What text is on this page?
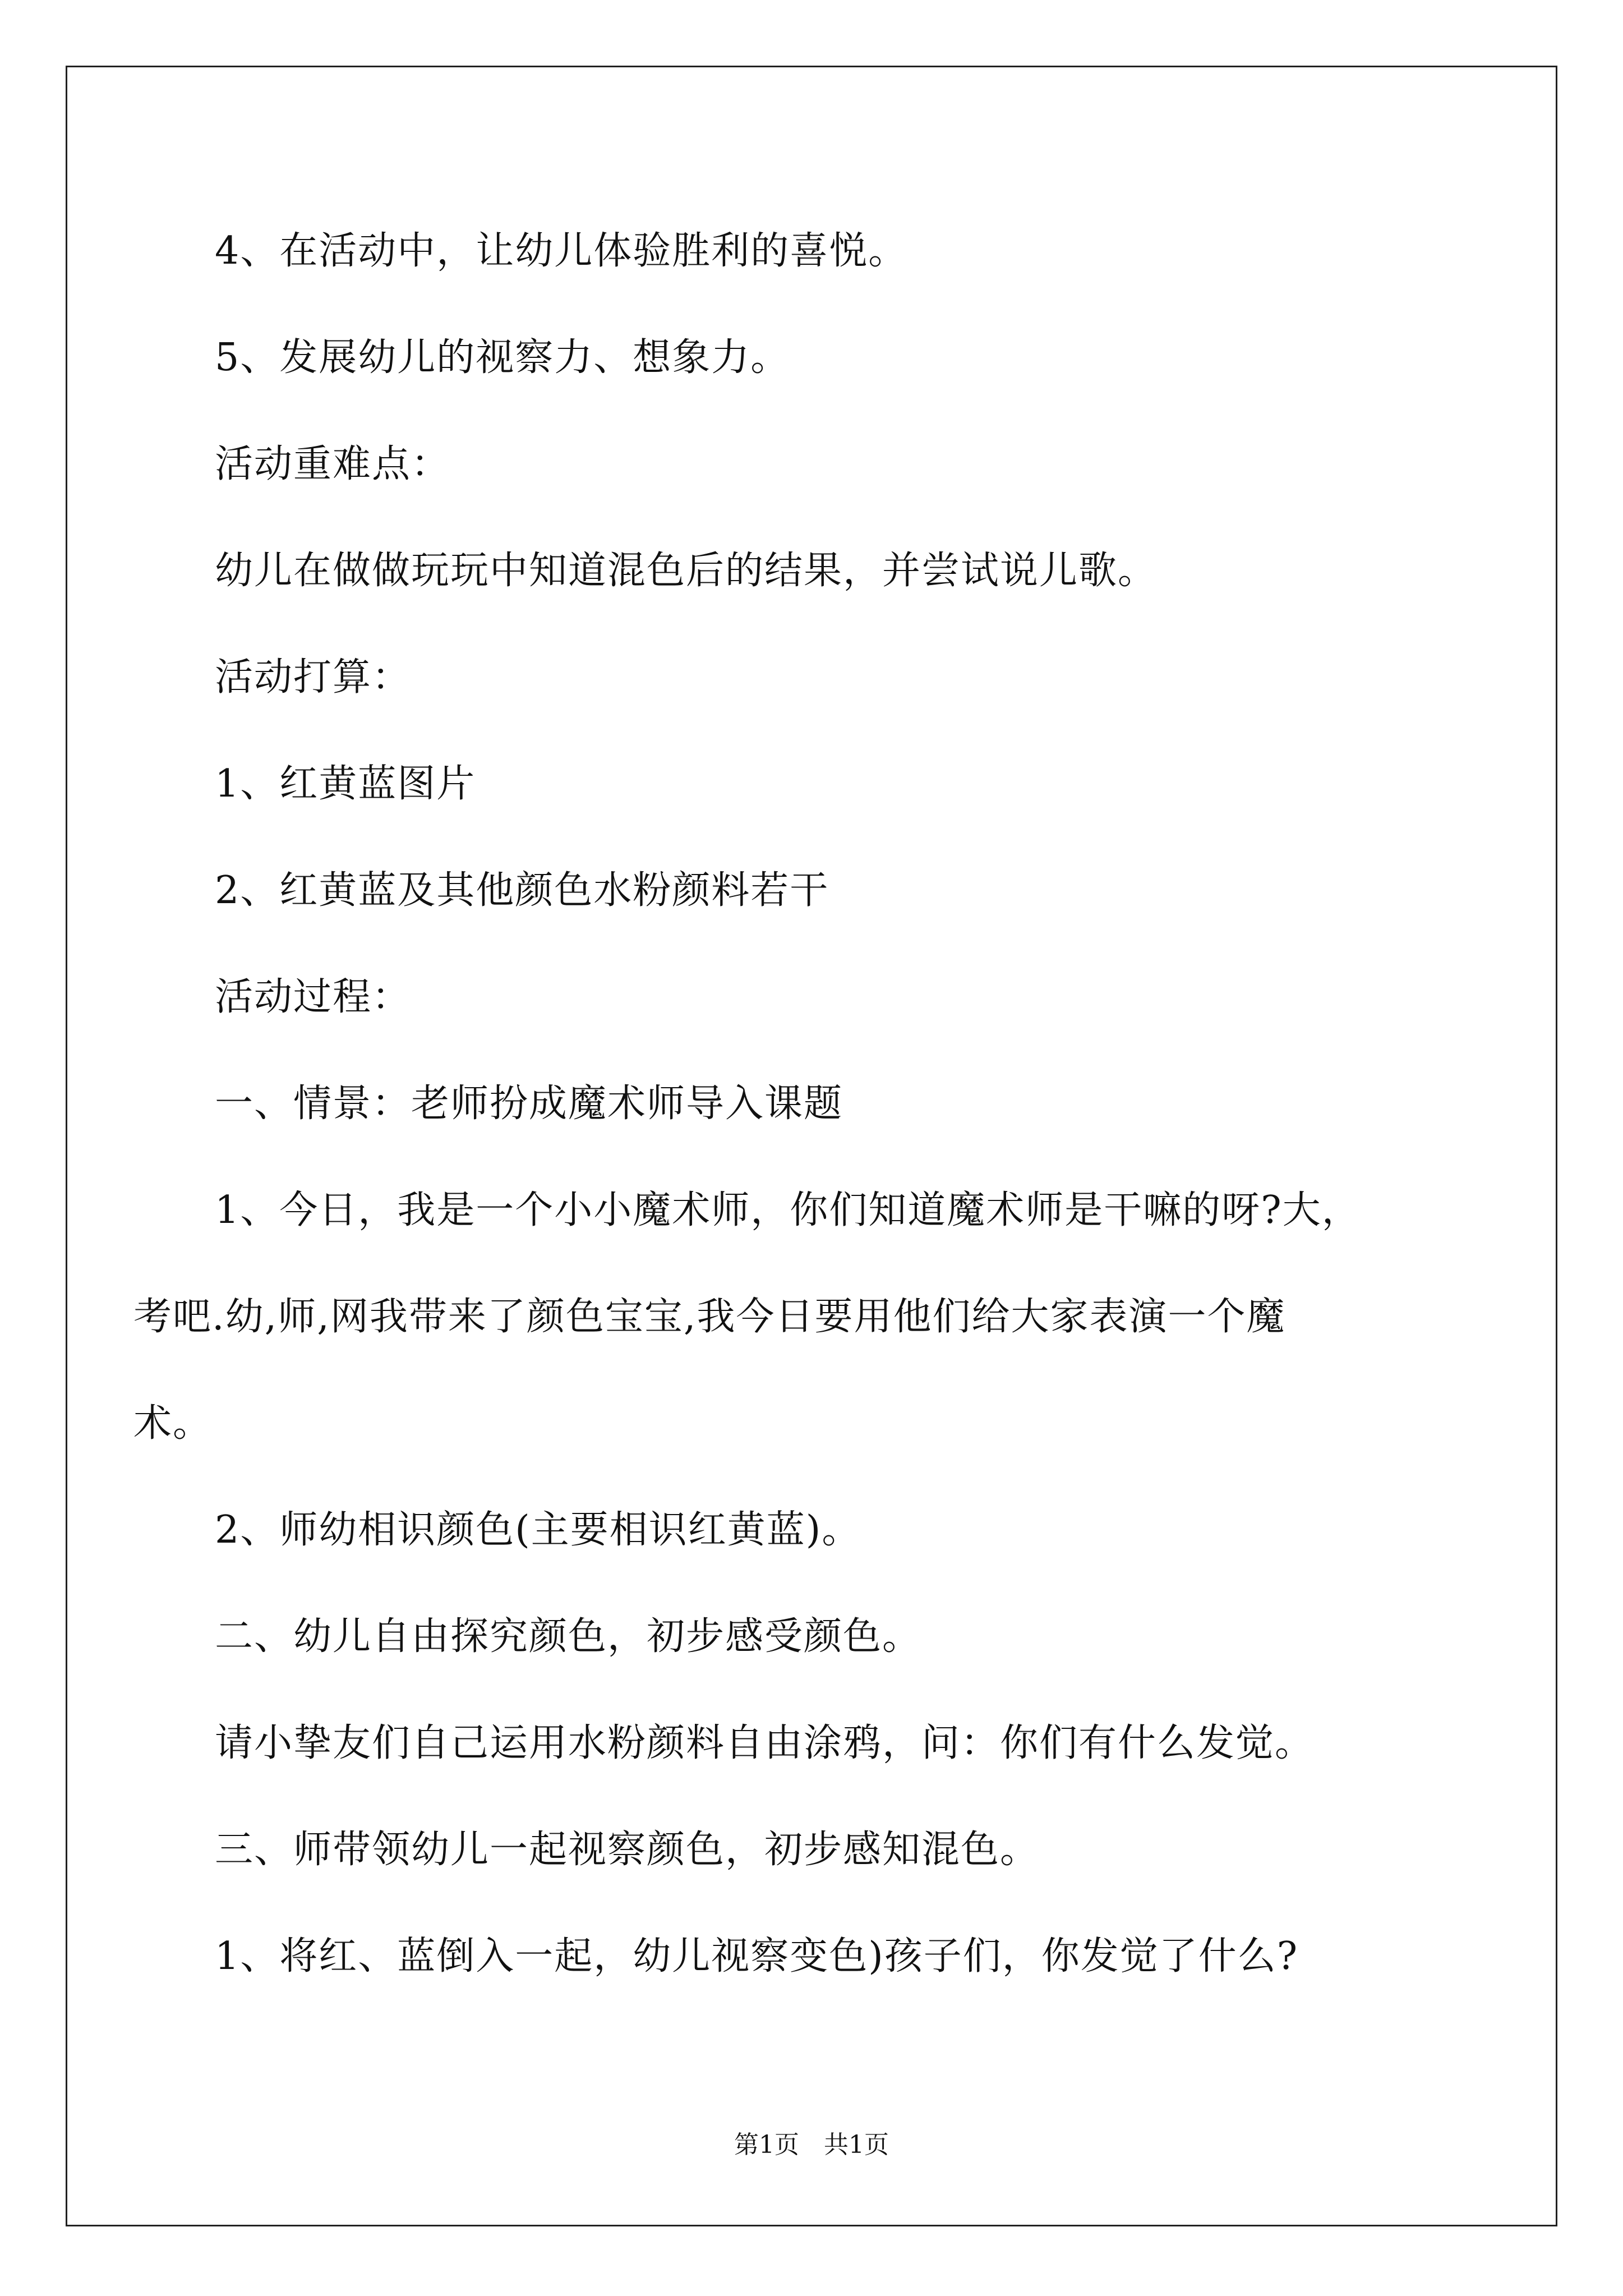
4、在活动中，让幼儿体验胜利的喜悦。
5、发展幼儿的视察力、想象力。
活动重难点：
幼儿在做做玩玩中知道混色后的结果，并尝试说儿歌。
活动打算：
1、红黄蓝图片
2、红黄蓝及其他颜色水粉颜料若干
活动过程：
一、情景：老师扮成魔术师导入课题
1、今日，我是一个小小魔术师，你们知道魔术师是干嘛的呀?大，
考吧.幼,师,网我带来了颜色宝宝,我今日要用他们给大家表演一个魔
术。
2、师幼相识颜色(主要相识红黄蓝)。
二、幼儿自由探究颜色，初步感受颜色。
请小挚友们自己运用水粉颜料自由涂鸦，问：你们有什么发觉。
三、师带领幼儿一起视察颜色，初步感知混色。
1、将红、蓝倒入一起，幼儿视察变色)孩子们，你发觉了什么?
第1页　共1页
